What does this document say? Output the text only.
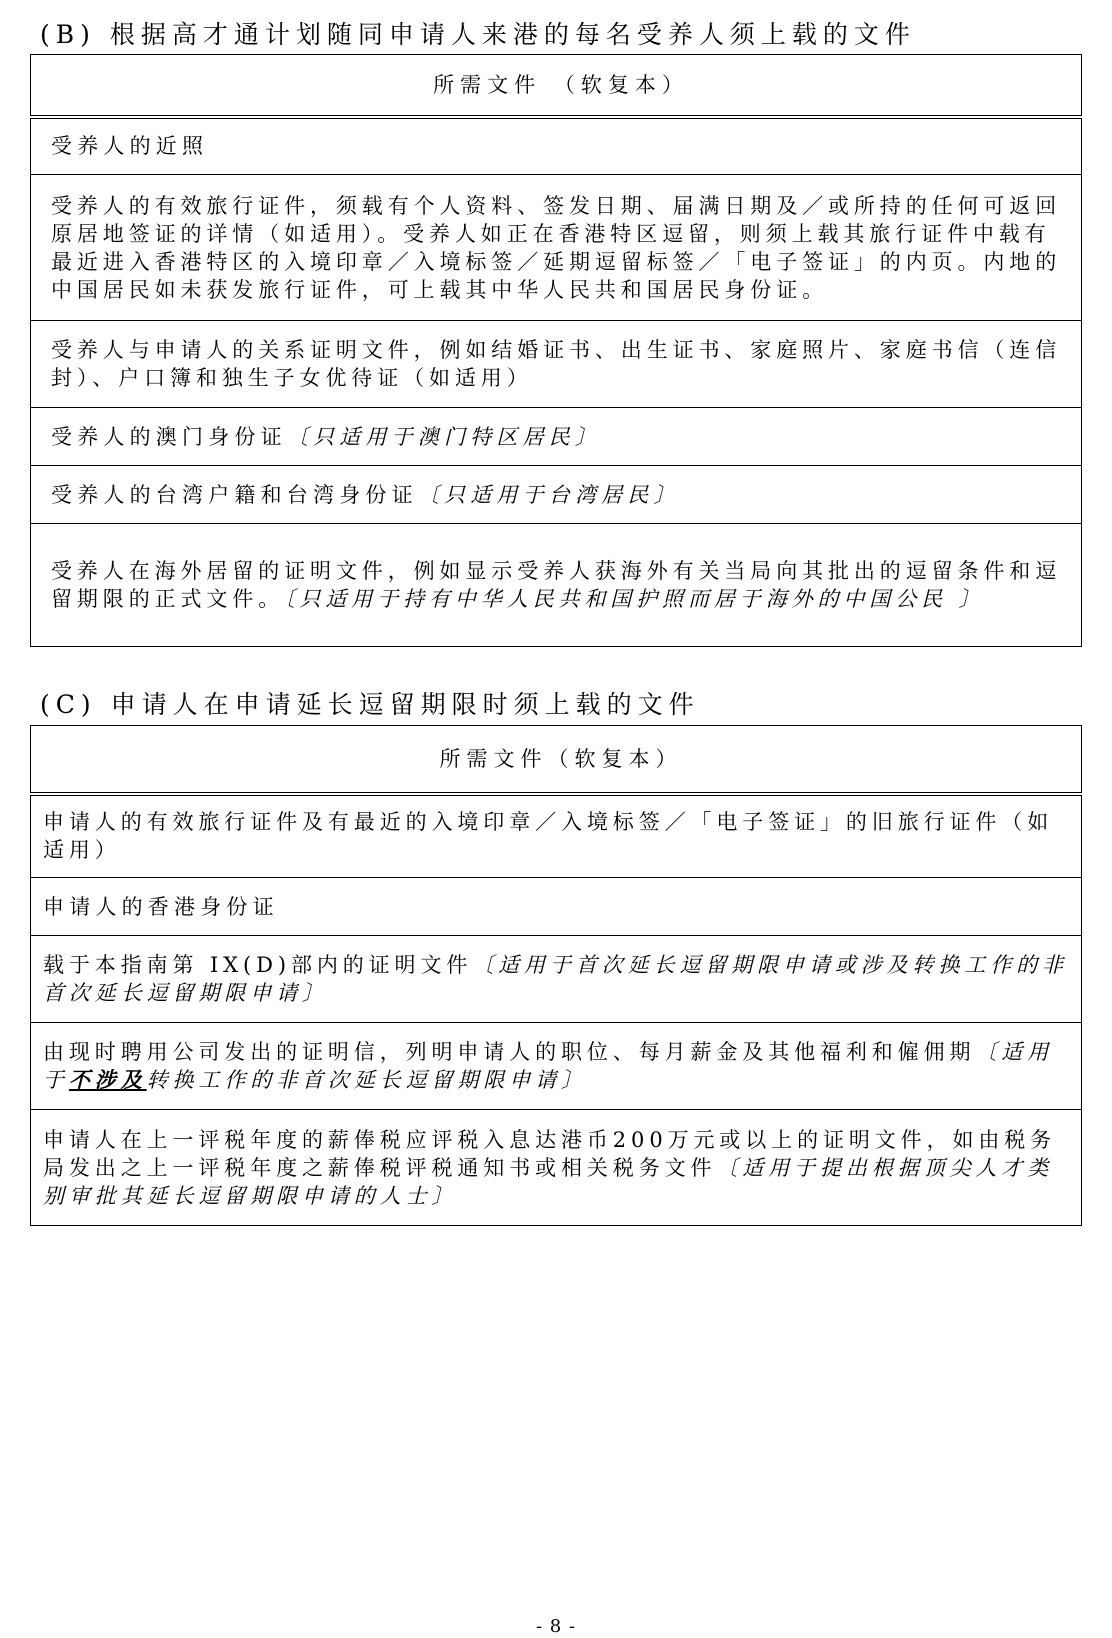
(B) 根据高才通计划随同申请人来港的每名受养人须上载的文件
所需文件 （软复本）
受养人的近照
受养人的有效旅行证件，须载有个人资料、签发日期、届满日期及／或所持的任何可返回原居地签证的详情（如适用）。受养人如正在香港特区逗留，则须上载其旅行证件中载有最近进入香港特区的入境印章／入境标签／延期逗留标签／「电子签证」的内页。内地的中国居民如未获发旅行证件，可上载其中华人民共和国居民身份证。
受养人与申请人的关系证明文件，例如结婚证书、出生证书、家庭照片、家庭书信（连信封）、户口簿和独生子女优待证（如适用）
受养人的澳门身份证〔只适用于澳门特区居民〕
受养人的台湾户籍和台湾身份证〔只适用于台湾居民〕
受养人在海外居留的证明文件，例如显示受养人获海外有关当局向其批出的逗留条件和逗留期限的正式文件。〔只适用于持有中华人民共和国护照而居于海外的中国公民 〕
(C) 申请人在申请延长逗留期限时须上载的文件
所需文件（软复本）
申请人的有效旅行证件及有最近的入境印章／入境标签／「电子签证」的旧旅行证件（如适用）
申请人的香港身份证
载于本指南第 IX(D)部内的证明文件〔适用于首次延长逗留期限申请或涉及转换工作的非首次延长逗留期限申请〕
由现时聘用公司发出的证明信，列明申请人的职位、每月薪金及其他福利和僱佣期〔适用于不涉及转换工作的非首次延长逗留期限申请〕
申请人在上一评税年度的薪俸税应评税入息达港币200万元或以上的证明文件，如由税务局发出之上一评税年度之薪俸税评税通知书或相关税务文件〔适用于提出根据顶尖人才类别审批其延长逗留期限申请的人士〕
- 8 -
